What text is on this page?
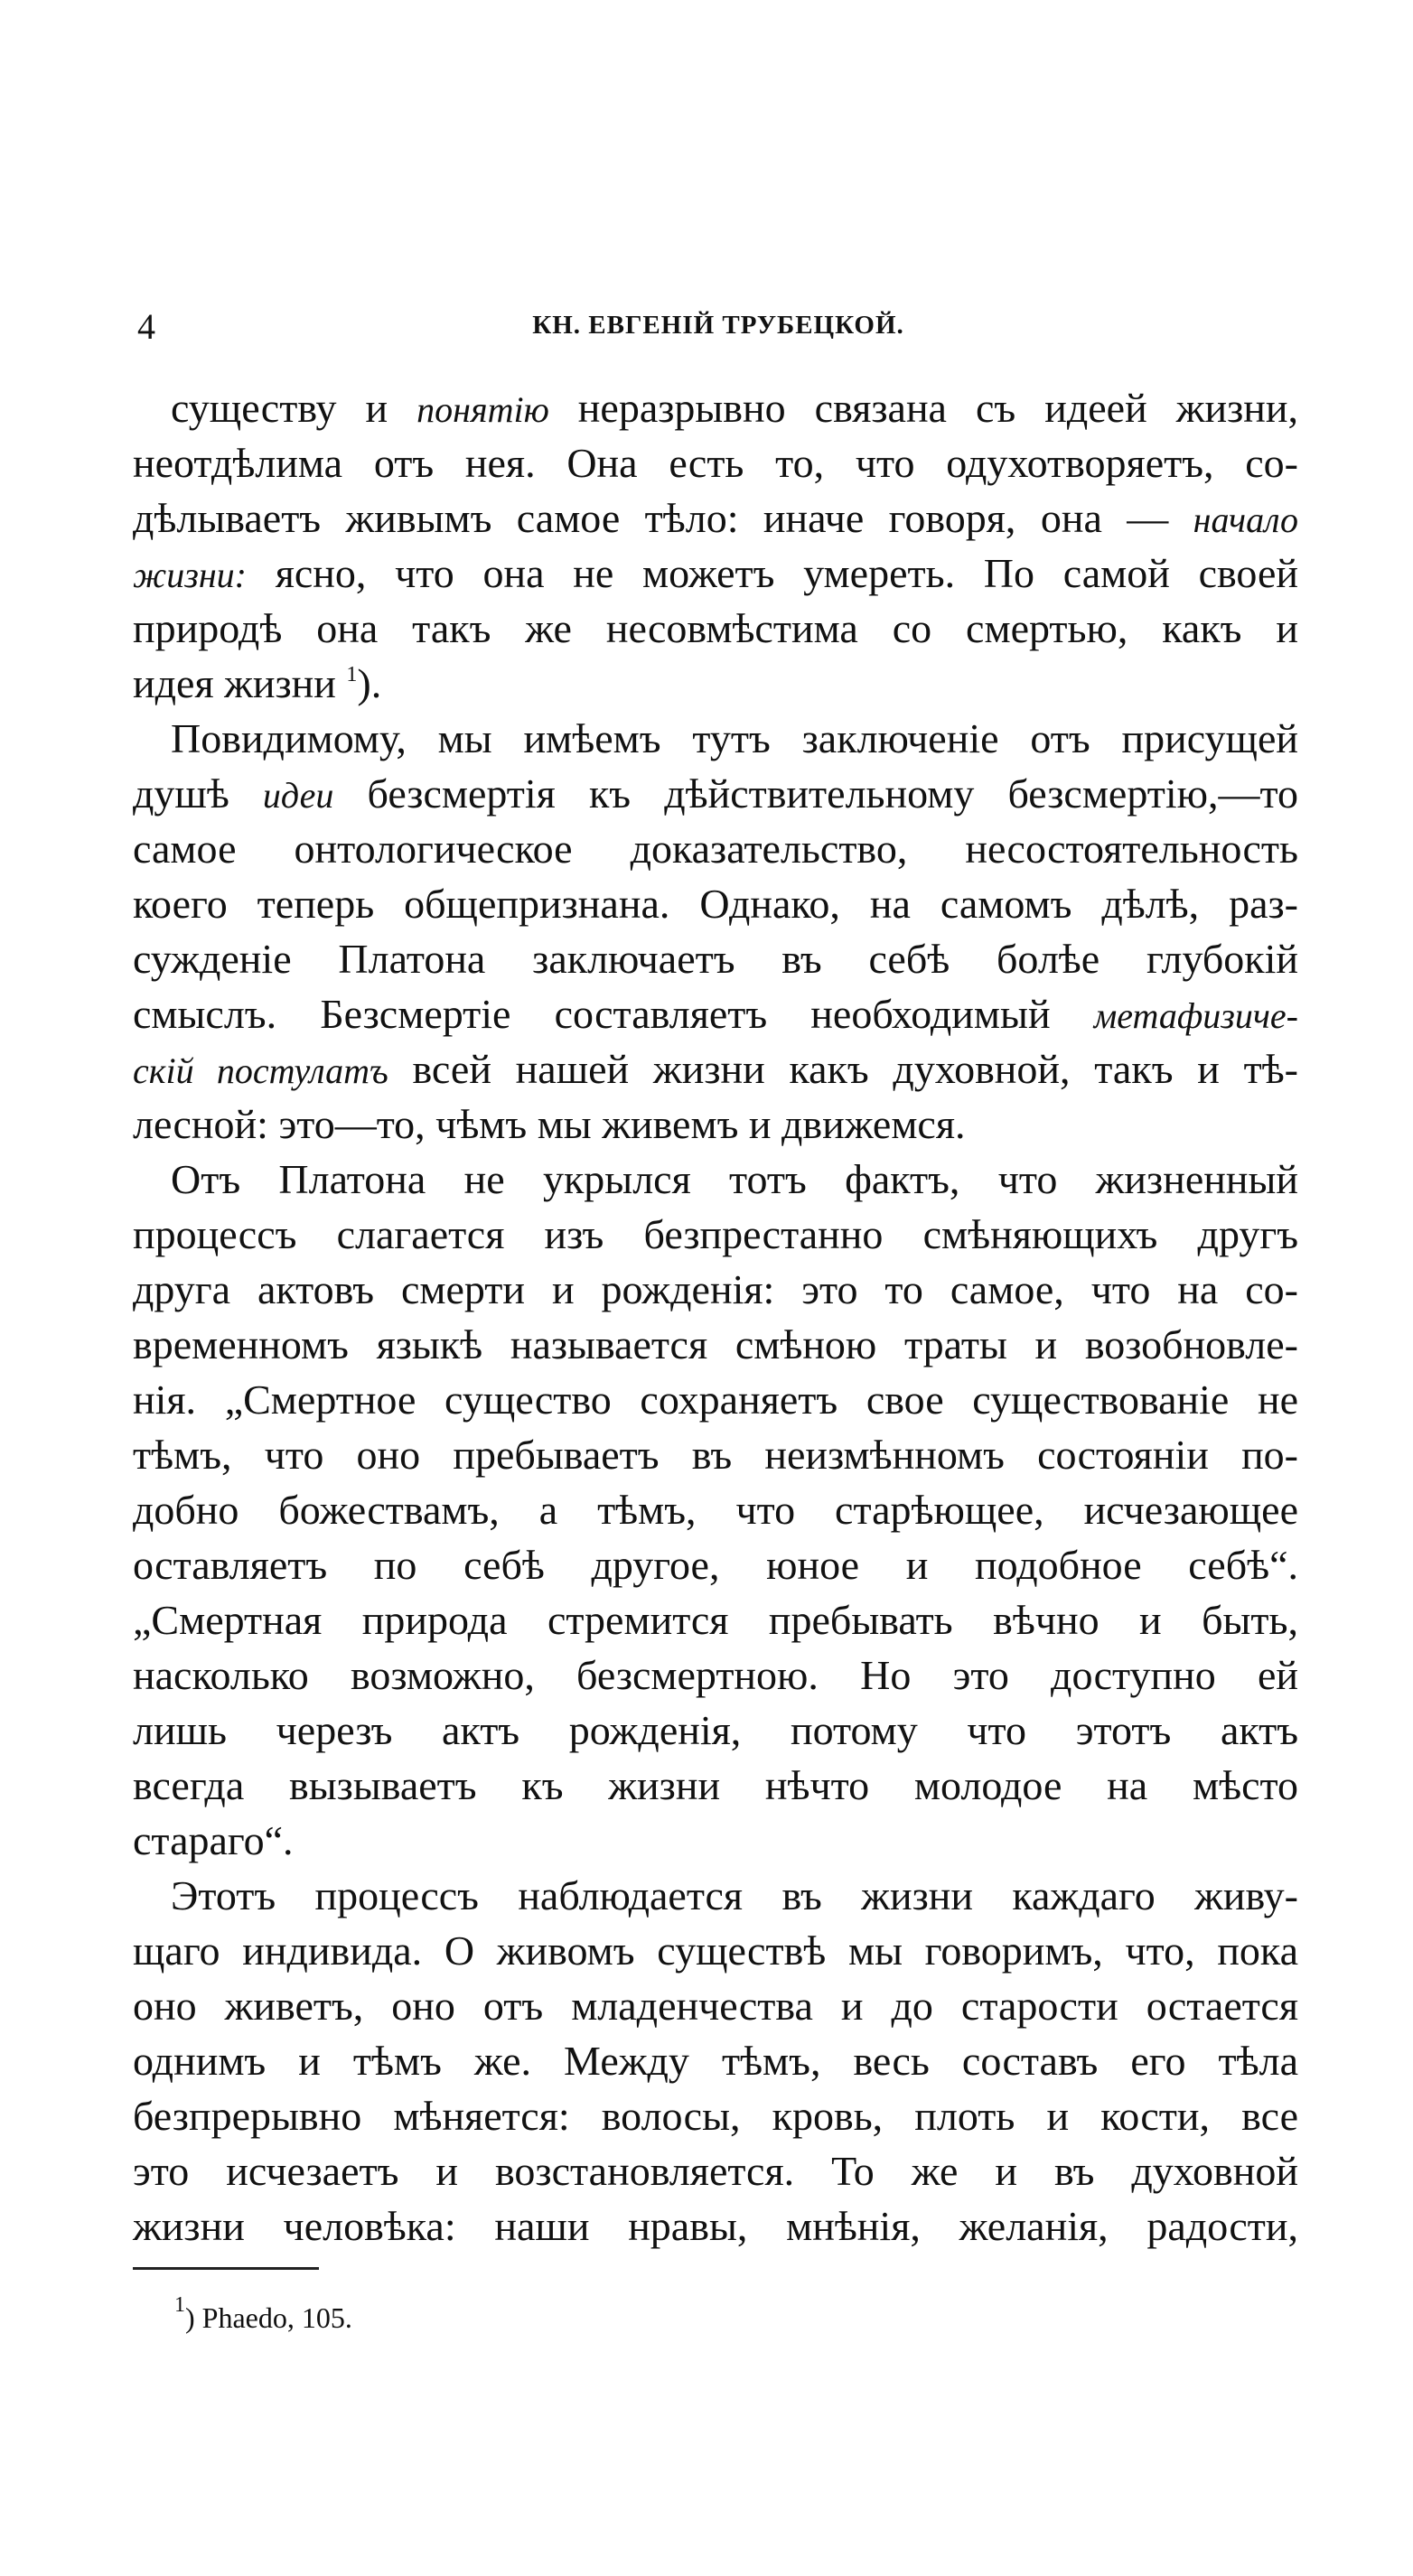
4	КН. ЕВГЕНІЙ ТРУБЕЦКОЙ.
существу и понятію неразрывно связана съ идеей жизни,
неотдѣлима отъ нея. Она есть то, что одухотворяетъ, со-
дѣлываетъ живымъ самое тѣло: иначе говоря, она — начало
жизни: ясно, что она не можетъ умереть. По самой своей
природѣ она такъ же несовмѣстима со смертью, какъ и
идея жизни $^1$).
Повидимому, мы имѣемъ тутъ заключеніе отъ присущей
душѣ идеи безсмертія къ дѣйствительному безсмертію,—то
самое онтологическое доказательство, несостоятельность
коего теперь общепризнана. Однако, на самомъ дѣлѣ, раз-
сужденіе Платона заключаетъ въ себѣ болѣе глубокій
смыслъ. Безсмертіе составляетъ необходимый метафизиче-
скій постулатъ всей нашей жизни какъ духовной, такъ и тѣ-
лесной: это—то, чѣмъ мы живемъ и движемся.
Отъ Платона не укрылся тотъ фактъ, что жизненный
процессъ слагается изъ безпрестанно смѣняющихъ другъ
друга актовъ смерти и рожденія: это то самое, что на со-
временномъ языкѣ называется смѣною траты и возобновле-
нія. „Смертное существо сохраняетъ свое существованіе не
тѣмъ, что оно пребываетъ въ неизмѣнномъ состояніи по-
добно божествамъ, а тѣмъ, что старѣющее, исчезающее
оставляетъ по себѣ другое, юное и подобное себѣ“.
„Смертная природа стремится пребывать вѣчно и быть,
насколько возможно, безсмертною. Но это доступно ей
лишь черезъ актъ рожденія, потому что этотъ актъ
всегда вызываетъ къ жизни нѣчто молодое на мѣсто
стараго“.
Этотъ процессъ наблюдается въ жизни каждаго живу-
щаго индивида. О живомъ существѣ мы говоримъ, что, пока
оно живетъ, оно отъ младенчества и до старости остается
однимъ и тѣмъ же. Между тѣмъ, весь составъ его тѣла
безпрерывно мѣняется: волосы, кровь, плоть и кости, все
это исчезаетъ и возстановляется. То же и въ духовной
жизни человѣка: наши нравы, мнѣнія, желанія, радости,
$^1$) Phaedo, 105.
